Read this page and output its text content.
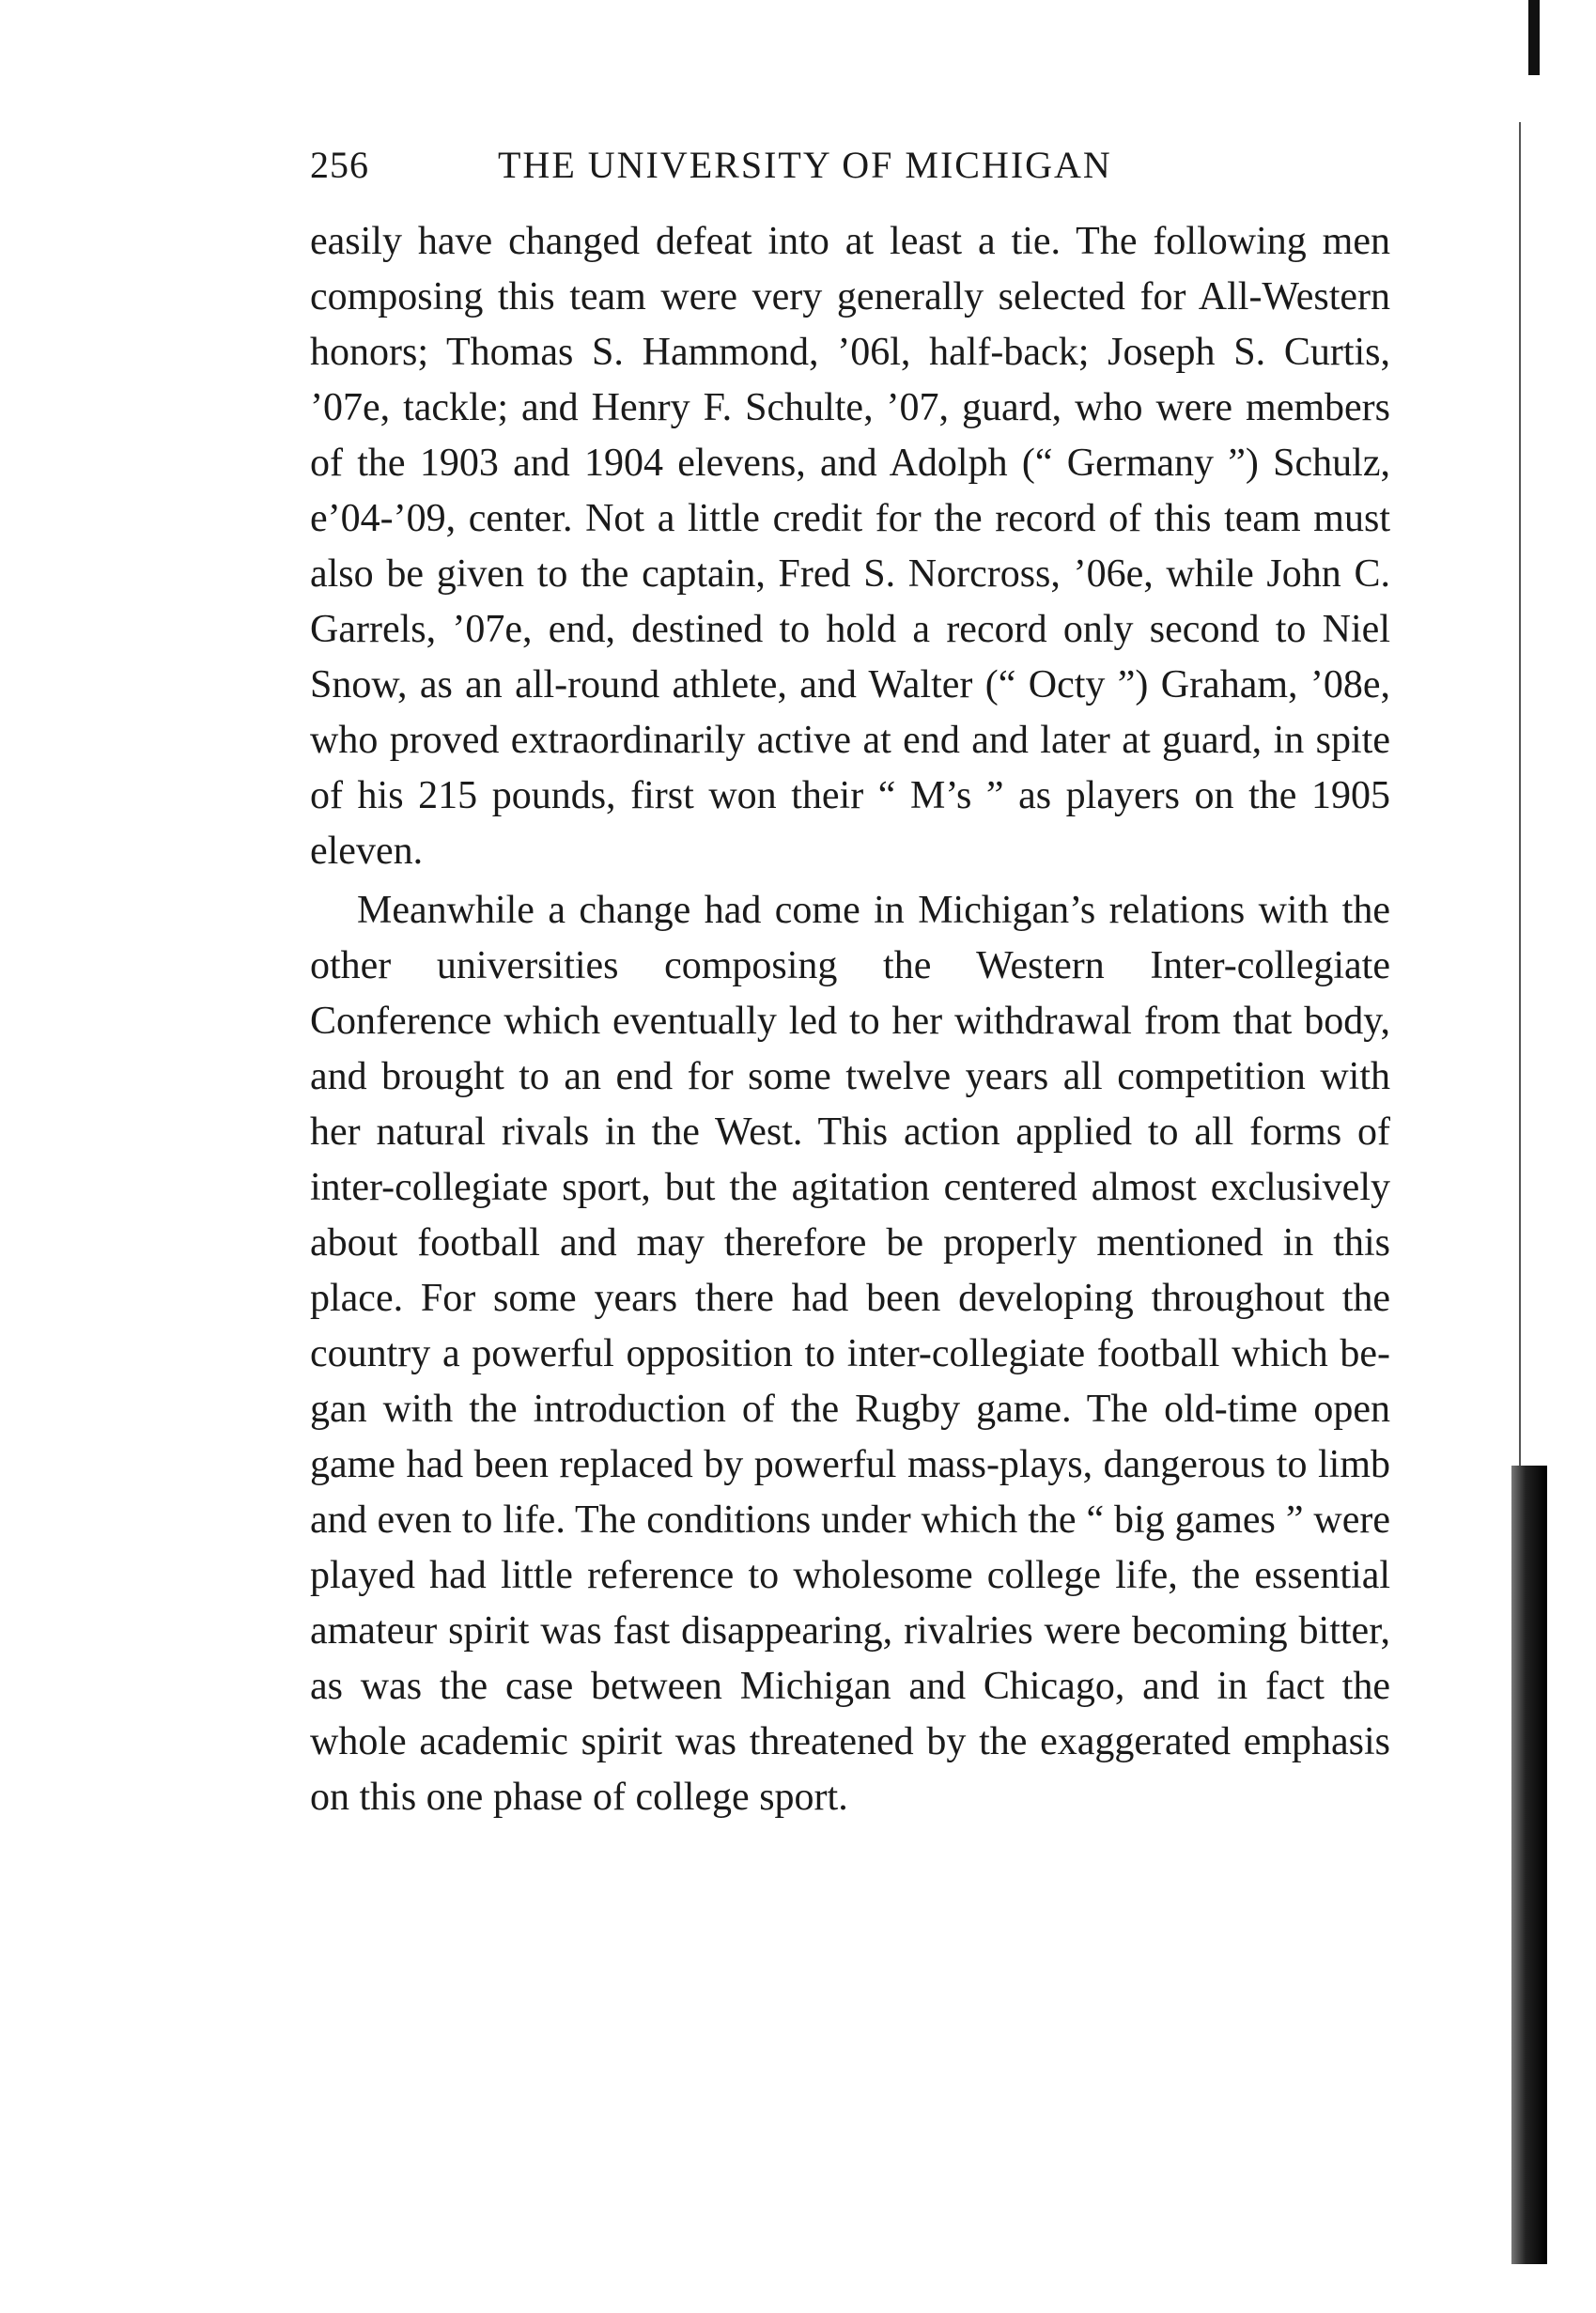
256	THE UNIVERSITY OF MICHIGAN

easily have changed defeat into at least a tie. The following men composing this team were very generally selected for All-Western honors; Thomas S. Hammond, ’06l, half-back; Joseph S. Curtis, ’07e, tackle; and Henry F. Schulte, ’07, guard, who were members of the 1903 and 1904 elevens, and Adolph (“ Germany ”) Schulz, e’04-’09, center. Not a little credit for the record of this team must also be given to the captain, Fred S. Norcross, ’06e, while John C. Garrels, ’07e, end, destined to hold a record only second to Niel Snow, as an all-round athlete, and Walter (“ Octy ”) Graham, ’08e, who proved extraordinarily active at end and later at guard, in spite of his 215 pounds, first won their “ M’s ” as players on the 1905 eleven.

Meanwhile a change had come in Michigan’s relations with the other universities composing the Western Inter-collegiate Conference which eventually led to her withdrawal from that body, and brought to an end for some twelve years all competition with her natural rivals in the West. This action applied to all forms of inter-collegiate sport, but the agitation centered almost exclusively about football and may therefore be properly mentioned in this place. For some years there had been developing throughout the country a powerful opposition to inter-collegiate football which be-gan with the introduction of the Rugby game. The old-time open game had been replaced by powerful mass-plays, dangerous to limb and even to life. The conditions under which the “ big games ” were played had little reference to wholesome college life, the essential amateur spirit was fast disappearing, rivalries were becoming bitter, as was the case between Michigan and Chicago, and in fact the whole academic spirit was threatened by the exaggerated emphasis on this one phase of college sport.
